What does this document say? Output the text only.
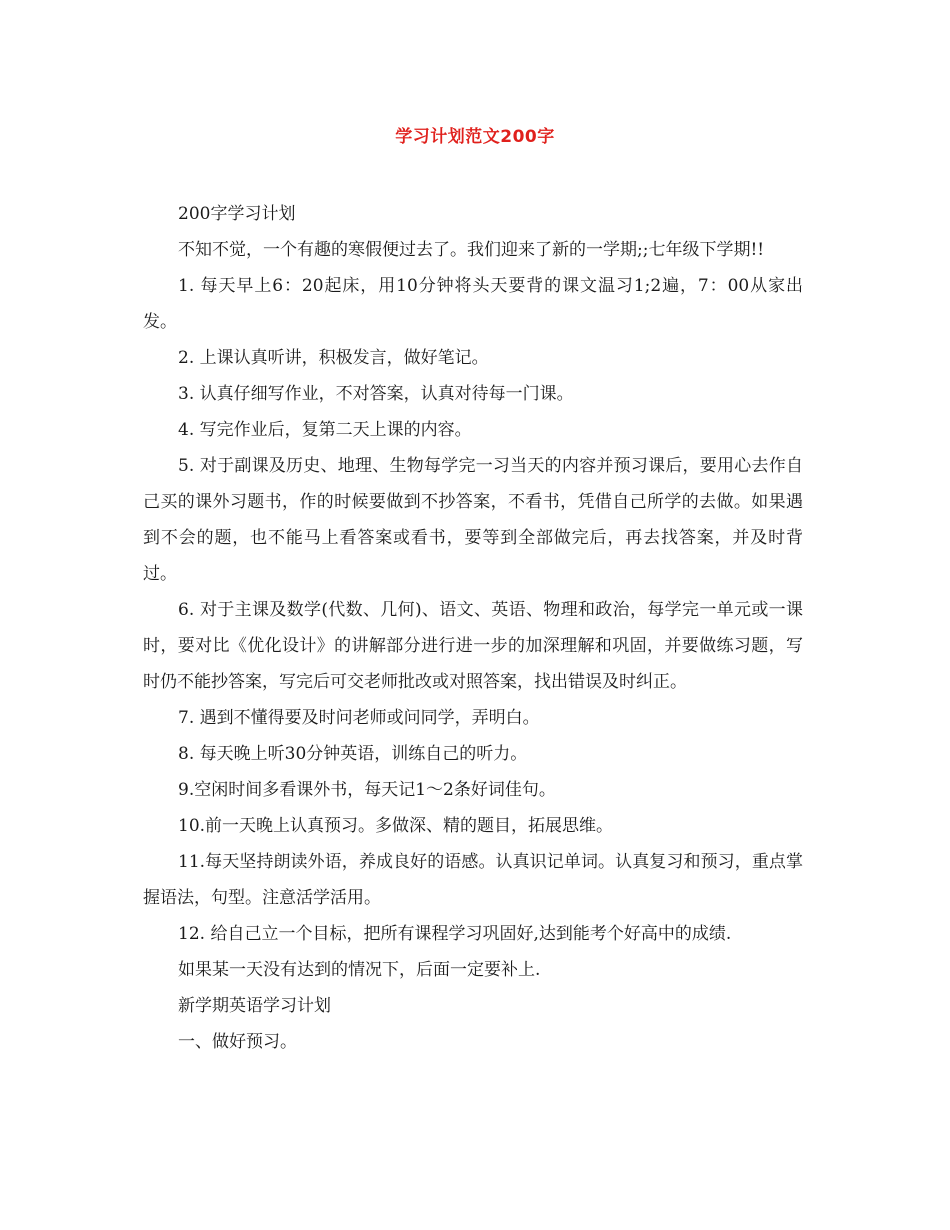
学习计划范文200字

200字学习计划

不知不觉，一个有趣的寒假便过去了。我们迎来了新的一学期;;七年级下学期!!

1. 每天早上6：20起床，用10分钟将头天要背的课文温习1;2遍，7：00从家出发。

2. 上课认真听讲，积极发言，做好笔记。

3. 认真仔细写作业，不对答案，认真对待每一门课。

4. 写完作业后，复第二天上课的内容。

5. 对于副课及历史、地理、生物每学完一习当天的内容并预习课后，要用心去作自己买的课外习题书，作的时候要做到不抄答案，不看书，凭借自己所学的去做。如果遇到不会的题，也不能马上看答案或看书，要等到全部做完后，再去找答案，并及时背过。

6. 对于主课及数学(代数、几何)、语文、英语、物理和政治，每学完一单元或一课时，要对比《优化设计》的讲解部分进行进一步的加深理解和巩固，并要做练习题，写时仍不能抄答案，写完后可交老师批改或对照答案，找出错误及时纠正。

7. 遇到不懂得要及时问老师或问同学，弄明白。

8. 每天晚上听30分钟英语，训练自己的听力。

9.空闲时间多看课外书，每天记1～2条好词佳句。

10.前一天晚上认真预习。多做深、精的题目，拓展思维。

11.每天坚持朗读外语，养成良好的语感。认真识记单词。认真复习和预习，重点掌握语法，句型。注意活学活用。

12. 给自己立一个目标，把所有课程学习巩固好,达到能考个好高中的成绩.

如果某一天没有达到的情况下，后面一定要补上.

新学期英语学习计划

一、做好预习。
